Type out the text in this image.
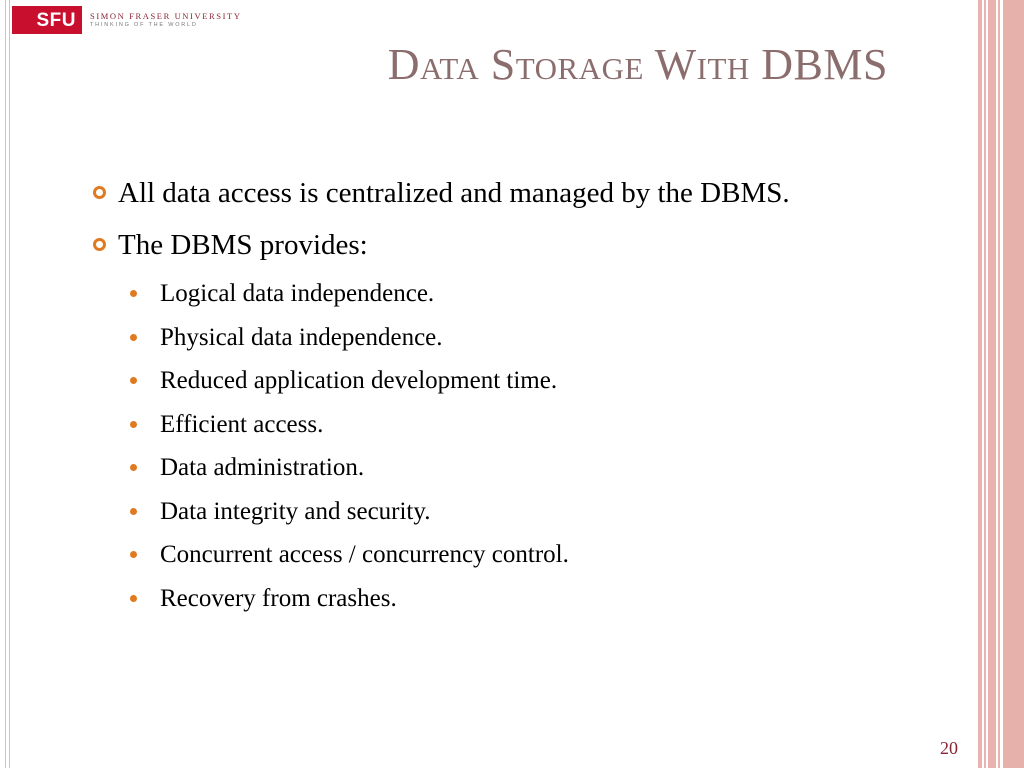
SFU	SIMON FRASER UNIVERSITY
THINKING OF THE WORLD
Data Storage With DBMS
All data access is centralized and managed by the DBMS.
The DBMS provides:
Logical data independence.
Physical data independence.
Reduced application development time.
Efficient access.
Data administration.
Data integrity and security.
Concurrent access / concurrency control.
Recovery from crashes.
20
